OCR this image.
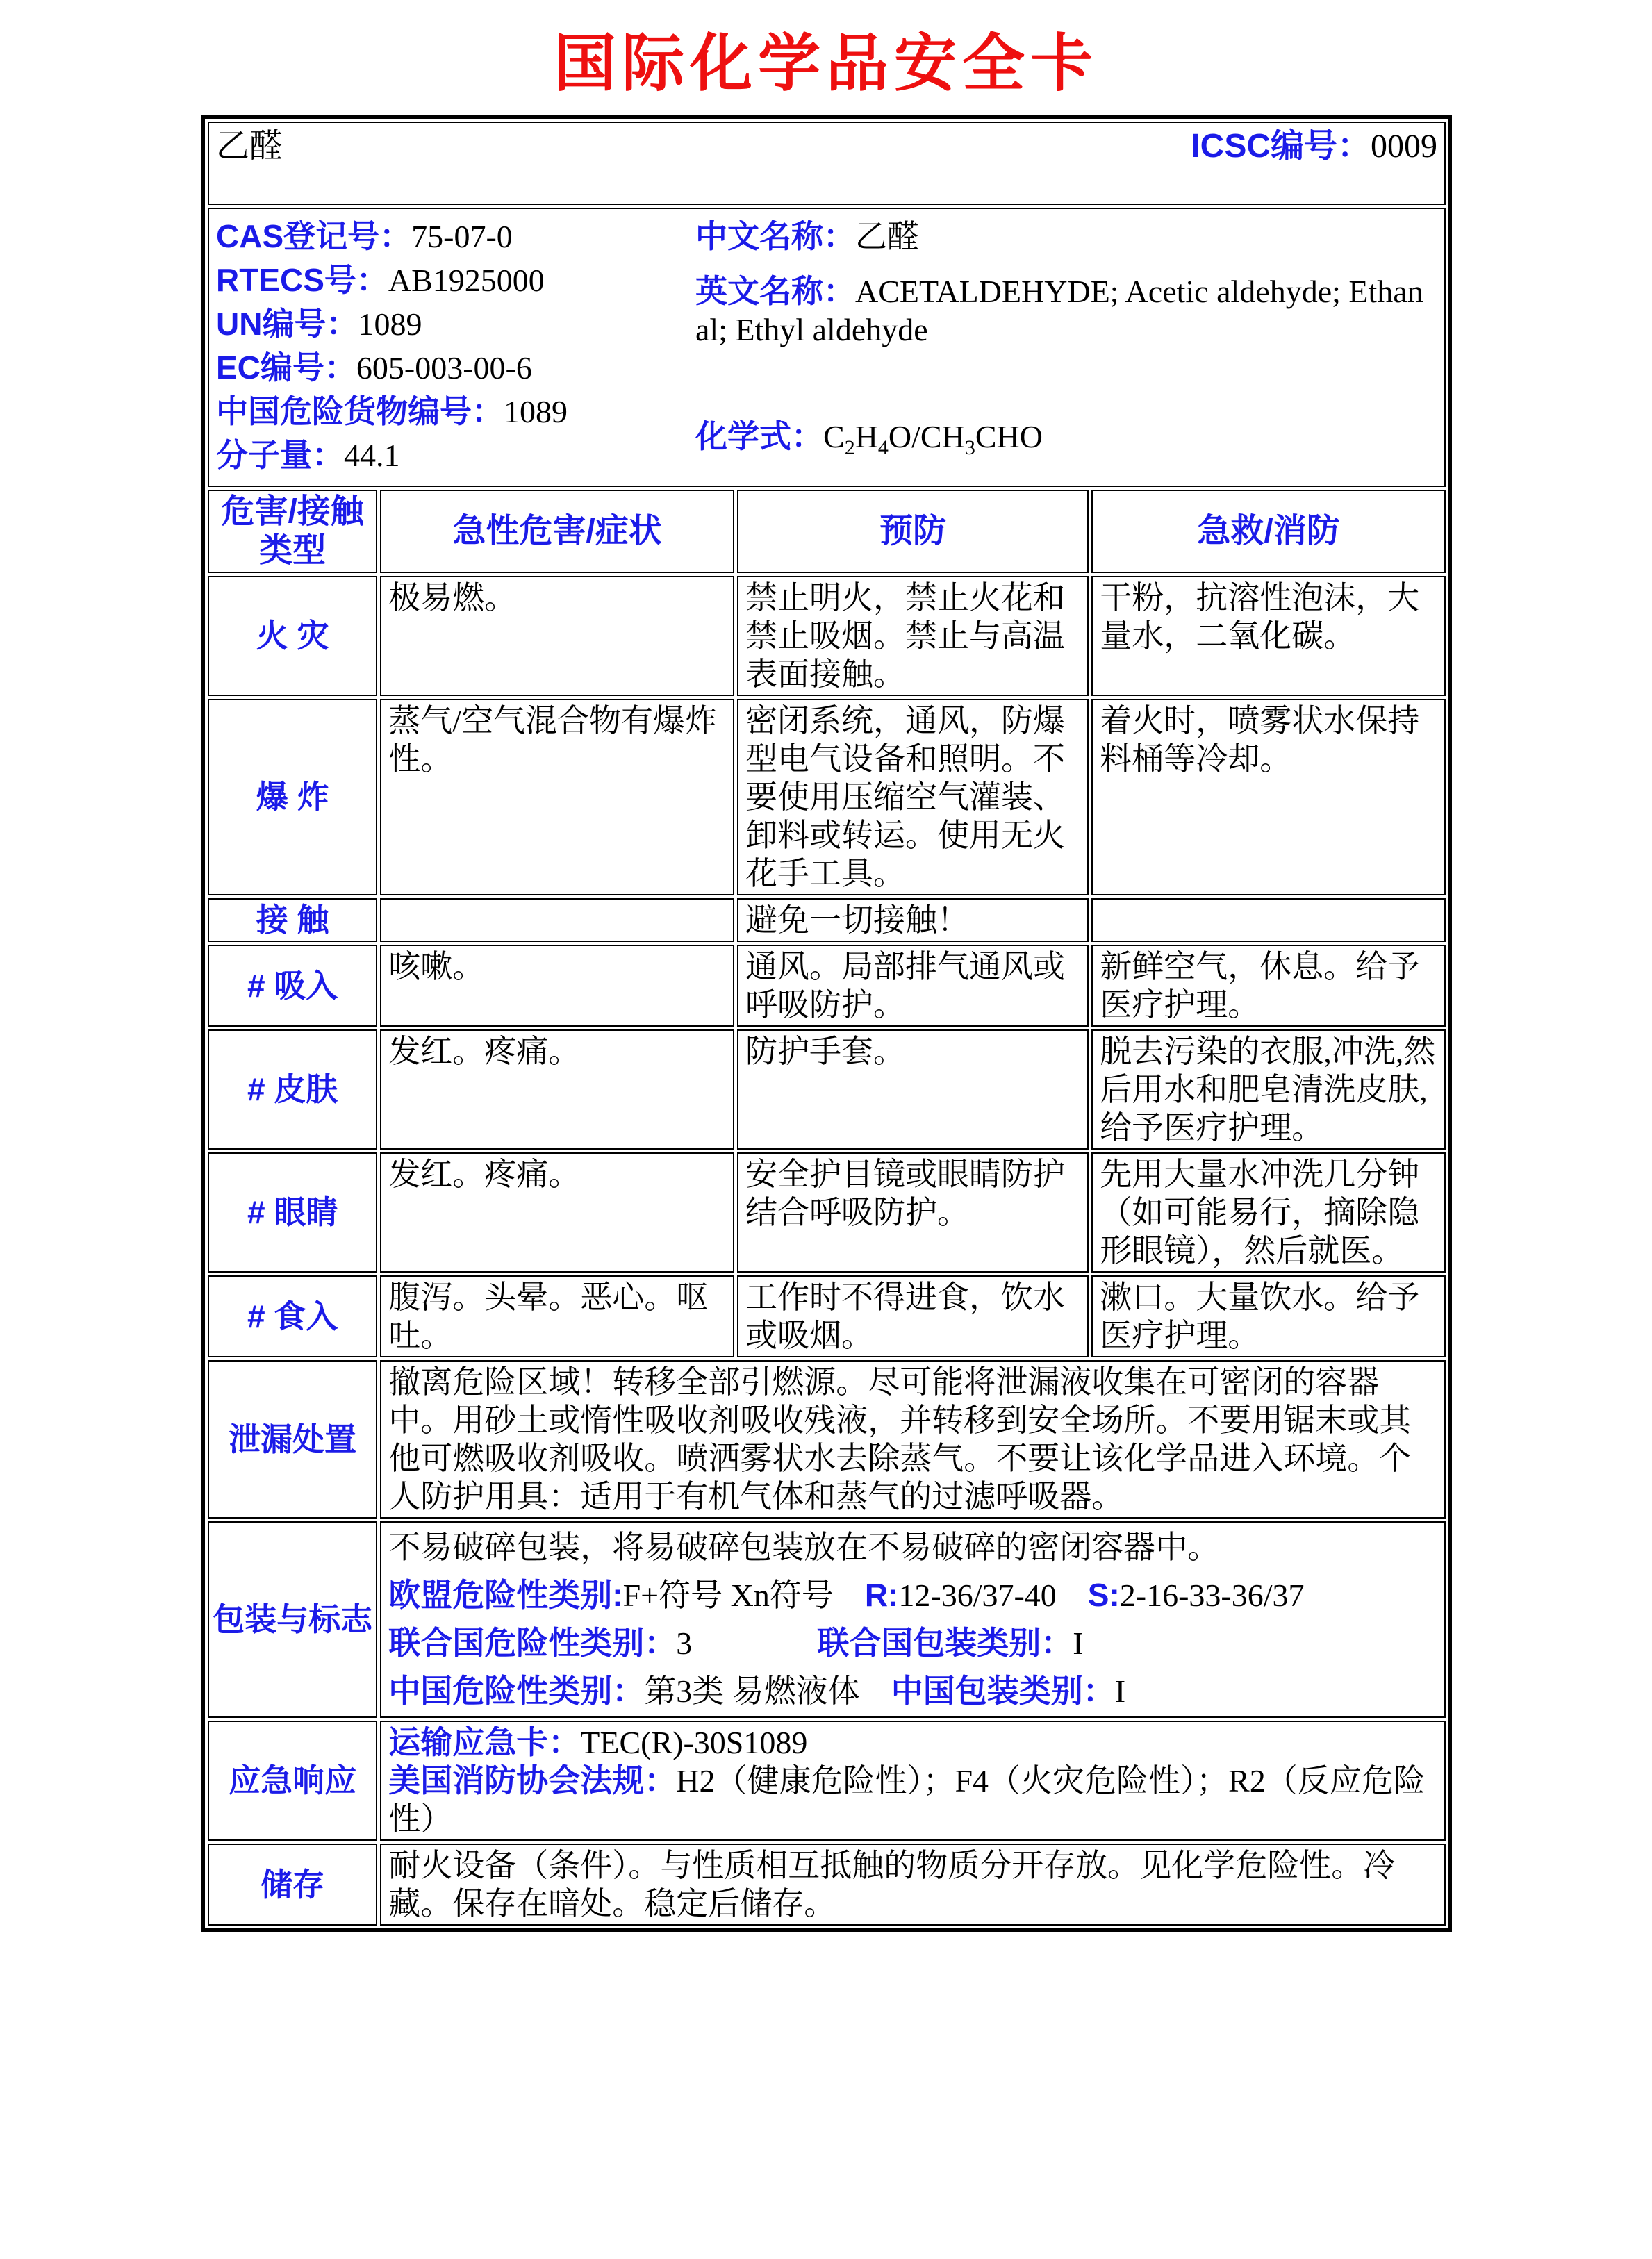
国际化学品安全卡
乙醛 ICSC编号：0009			

CAS登记号：75-07-0
RTECS号：AB1925000
UN编号：1089
EC编号：605-003-00-6
中国危险货物编号：1089
分子量：44.1
中文名称：乙醛
英文名称：ACETALDEHYDE; Acetic aldehyde; Ethanal; Ethyl aldehyde
化学式：$C_2H_4O/CH_3CHO$

危害/接触
类型	急性危害/症状	预防	急救/消防
火 灾	极易燃。	禁止明火，禁止火花和禁止吸烟。禁止与高温表面接触。	干粉，抗溶性泡沫，大量水，二氧化碳。
爆 炸	蒸气/空气混合物有爆炸性。	密闭系统，通风，防爆型电气设备和照明。不要使用压缩空气灌装、卸料或转运。使用无火花手工具。	着火时，喷雾状水保持料桶等冷却。
接 触		避免一切接触！	
# 吸入	咳嗽。	通风。局部排气通风或呼吸防护。	新鲜空气，休息。给予医疗护理。
# 皮肤	发红。疼痛。	防护手套。	脱去污染的衣服,冲洗,然后用水和肥皂清洗皮肤,给予医疗护理。
# 眼睛	发红。疼痛。	安全护目镜或眼睛防护结合呼吸防护。	先用大量水冲洗几分钟（如可能易行，摘除隐形眼镜），然后就医。
# 食入	腹泻。头晕。恶心。呕吐。	工作时不得进食，饮水或吸烟。	漱口。大量饮水。给予医疗护理。
泄漏处置	撤离危险区域！转移全部引燃源。尽可能将泄漏液收集在可密闭的容器中。用砂土或惰性吸收剂吸收残液，并转移到安全场所。不要用锯末或其他可燃吸收剂吸收。喷洒雾状水去除蒸气。不要让该化学品进入环境。个人防护用具：适用于有机气体和蒸气的过滤呼吸器。		
包装与标志	不易破碎包装，将易破碎包装放在不易破碎的密闭容器中。
欧盟危险性类别:F+符号 Xn符号 R:12-36/37-40 S:2-16-33-36/37
联合国危险性类别：3 联合国包装类别：I
中国危险性类别：第3类 易燃液体 中国包装类别：I		

应急响应	运输应急卡：TEC(R)-30S1089
美国消防协会法规：H2（健康危险性）；F4（火灾危险性）；R2（反应危险性）		

储存	耐火设备（条件）。与性质相互抵触的物质分开存放。见化学危险性。冷藏。保存在暗处。稳定后储存。		
